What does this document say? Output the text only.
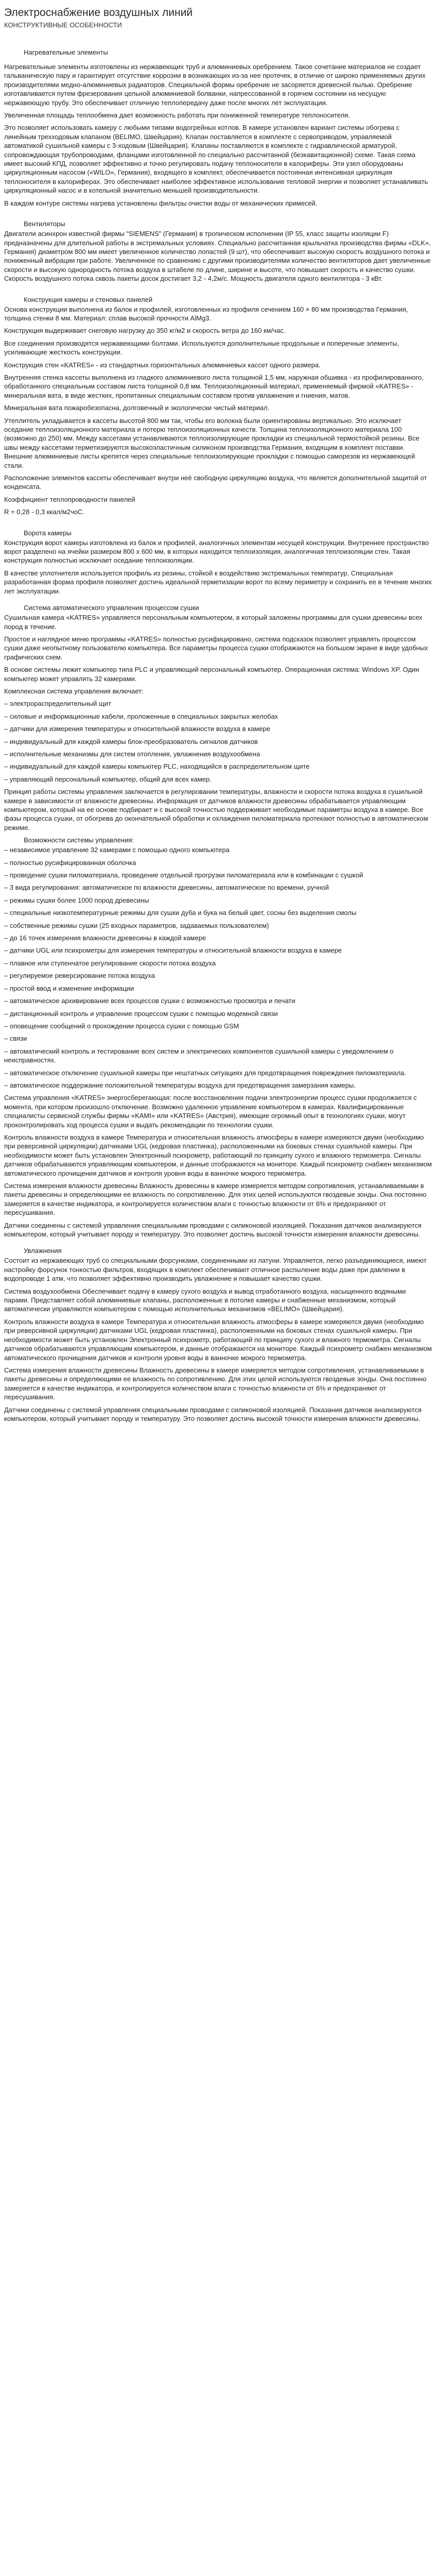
Электроснабжение воздушных линий
КОНСТРУКТИВНЫЕ ОСОБЕННОСТИ
Нагревательные элементы

Нагревательные элементы изготовлены из нержавеющих труб и алюминиевых оребрением. Такое сочетание материалов не создает гальваническую пару и гарантирует отсутствие коррозии в возникающих из-за нее протечек, в отличие от широко применяемых других производителями медно-алюминиевых радиаторов. Специальной формы оребрение не засоряется древесной пылью. Оребрение изготавливается путем фрезерования цельной алюминиевой болванки, напрессованной в горячем состоянии на несущую нержавеющую трубу. Это обеспечивает отличную теплопередачу даже после многих лет эксплуатации.

Увеличенная площадь теплообмена дает возможность работать при пониженной температуре теплоносителя.

Это позволяет использовать камеру с любыми типами водогрейных котлов. В камере установлен вариант системы обогрева с линейным трехходовым клапаном (BELIMO, Швейцария). Клапан поставляется в комплекте с сервоприводом, управляемой автоматикой сушильной камеры с 3-ходовым (Швейцария). Клапаны поставляются в комплекте с гидравлической арматурой, сопровождающая трубопроводами, фланцами изготовленной по специально рассчитанной (безкавитационной) схеме. Такая схема имеет высокий КПД, позволяет эффективно и точно регулировать подачу теплоносителя в калориферы. Эти узел оборудованы циркуляционным насосом («WILO», Германия), входящего в комплект, обеспечивается постоянная интенсивная циркуляция теплоносителя в калориферах. Это обеспечивает наиболее эффективное использование тепловой энергии и позволяет устанавливать циркуляционный насос и в котельной значительно меньшей производительности.

В каждом контуре системы нагрева установлены фильтры очистки воды от механических примесей.

Вентиляторы

Двигатели асинхрон известной фирмы "SIEMENS" (Германия) в тропическом исполнении (IP 55, класс защиты изоляции F) предназначены для длительной работы в экстремальных условиях. Специально рассчитанная крыльчатка производства фирмы «DLK», Германия) диаметром 800 мм имеет увеличенное количество лопастей (9 шт), что обеспечивает высокую скорость воздушного потока и пониженный вибрации при работе. Увеличенное по сравнению с другими производителями количество вентиляторов дает увеличенные скорости и высокую однородность потока воздуха в штабеле по длине, ширине и высоте, что повышает скорость и качество сушки. Скорость воздушного потока сквозь пакеты досок достигает 3,2 - 4,2м/с. Мощность двигателя одного вентилятора - 3 кВт.

Конструкция камеры и стеновых панелей

Основа конструкции выполнена из балок и профилей, изготовленных из профиля сечением 160 × 80 мм производства Германия, толщина стенки 8 мм. Материал: сплав высокой прочности AlMg3.

Конструкция выдерживает снеговую нагрузку до 350 кг/м2 и скорость ветра до 160 км/час.

Все соединения производятся нержавеющими болтами. Используются дополнительные продольные и поперечные элементы, усиливающие жесткость конструкции.

Конструкция стен «KATRES» - из стандартных горизонтальных алюминиевых кассет одного размера.

Внутренняя стенка кассеты выполнена из гладкого алюминиевого листа толщиной 1,5 мм, наружная обшивка - из профилированного, обработанного специальным составом листа толщиной 0,8 мм. Теплоизоляционный материал, применяемый фирмой «KATRES» - минеральная вата, в виде жестких, пропитанных специальным составом против увлажнения и гниения, матов.

Минеральная вата пожаробезопасна, долговечный и экологически чистый материал.

Утеплитель укладывается в кассеты высотой 800 мм так, чтобы его волокна были ориентированы вертикально. Это исключает оседание теплоизоляционного материала и потерю теплоизоляционных качеств. Толщина теплоизоляционного материала 100 (возможно до 250) мм. Между кассетами устанавливаются теплоизолирующие прокладки из специальной термостойкой резины. Все швы между кассетами герметизируются высокоэластичным силиконом производства Германия, входящим в комплект поставки. Внешние алюминиевые листы крепятся через специальные теплоизолирующие прокладки с помощью саморезов из нержавеющей стали.

Расположение элементов кассеты обеспечивает внутри неё свободную циркуляцию воздуха, что является дополнительной защитой от конденсата.

Коэффициент теплопроводности панелей

R = 0,28 - 0,3 ккал/м2чоС.

Ворота камеры

Конструкция ворот камеры изготовлена из балок и профилей, аналогичных элементам несущей конструкции. Внутреннее пространство ворот разделено на ячейки размером 800 х 600 мм, в которых находится теплоизоляция, аналогичная теплоизоляции стен. Такая конструкция полностью исключает оседание теплоизоляции.

В качестве уплотнителя используется профиль из резины, стойкой к воздействию экстремальных температур. Специальная разработанная форма профиля позволяет достичь идеальной герметизации ворот по всему периметру и сохранить ее в течение многих лет эксплуатации.

Система автоматического управления процессом сушки

Сушильная камера «KATRES» управляется персональным компьютером, в который заложены программы для сушки древесины всех пород в течение.

Простое и наглядное меню программы «KATRES» полностью русифицировано, система подсказок позволяет управлять процессом сушки даже неопытному пользователю компьютера. Все параметры процесса сушки отображаются на большом экране в виде удобных графических схем.

В основе системы лежит компьютер типа PLC и управляющий персональный компьютер. Операционная система: Windows XP. Один компьютер может управлять 32 камерами.

Комплексная система управления включает:

– электрораспределительный щит

– силовые и информационные кабели, проложенные в специальных закрытых желобах

– датчики для измерения температуры и относительной влажности воздуха в камере

– индивидуальный для каждой камеры блок-преобразователь сигналов датчиков

– исполнительные механизмы для систем отопления, увлажнения воздухообмена

– индивидуальный для каждой камеры компьютер PLC, находящийся в распределительном щите

– управляющий персональный компьютер, общий для всех камер.

Принцип работы системы управления заключается в регулировании температуры, влажности и скорости потока воздуха в сушильной камере в зависимости от влажности древесины. Информация от датчиков влажности древесины обрабатывается управляющим компьютером, который на ее основе подбирает и с высокой точностью поддерживает необходимые параметры воздуха в камере. Все фазы процесса сушки, от обогрева до окончательной обработки и охлаждения пиломатериала протекают полностью в автоматическом режиме.

Возможности системы управления:

– независимое управление 32 камерами с помощью одного компьютера

– полностью русифицированная оболочка

– проведение сушки пиломатериала, проведение отдельной прогрузки пиломатериала или в комбинации с сушкой

– 3 вида регулирования: автоматическое по влажности древесины, автоматическое по времени, ручной

– режимы сушки более 1000 пород древесины

– специальные низкотемпературные режимы для сушки дуба и бука на белый цвет, сосны без выделения смолы

– собственные режимы сушки (25 входных параметров, задаваемых пользователем)

– до 16 точек измерения влажности древесины в каждой камере

– датчики UGL или психрометры для измерения температуры и относительной влажности воздуха в камере

– плавное или ступенчатое регулирование скорости потока воздуха

– регулируемое реверсирование потока воздуха

– простой ввод и изменение информации

– автоматическое архивирование всех процессов сушки с возможностью просмотра и печати

– дистанционный контроль и управление процессом сушки с помощью модемной связи

– оповещение сообщений о прохождении процесса сушки с помощью GSM

– связи

– автоматический контроль и тестирование всех систем и электрических компонентов сушильной камеры с уведомлением о неисправностях.

– автоматическое отключение сушильной камеры при нештатных ситуациях для предотвращения повреждения пиломатериала.

– автоматическое поддержание положительной температуры воздуха для предотвращения замерзания камеры.

Система управления «KATRES» энергосберегающая: после восстановления подачи электроэнергии процесс сушки продолжается с момента, при котором произошло отключение. Возможно удаленное управление компьютером в камерах. Квалифицированные специалисты сервисной службы фирмы «KAMI» или «KATRES» (Австрия), имеющие огромный опыт в технологиях сушки, могут проконтролировать ход процесса сушки и выдать рекомендации по технологии сушки.

Контроль влажности воздуха в камере Температура и относительная влажность атмосферы в камере измеряются двумя (необходимо при реверсивной циркуляции) датчиками UGL (кедровая пластинка), расположенными на боковых стенах сушильной камеры. При необходимости может быть установлен Электронный психрометр, работающий по принципу сухого и влажного термометра. Сигналы датчиков обрабатываются управляющим компьютером, и данные отображаются на мониторе. Каждый психрометр снабжен механизмом автоматического прочищения датчиков и контроля уровня воды в ванночке мокрого термометра.

Система измерения влажности древесины Влажность древесины в камере измеряется методом сопротивления, устанавливаемыми в пакеты древесины и определяющими ее влажность по сопротивлению. Для этих целей используются гвоздевые зонды. Она постоянно замеряется в качестве индикатора, и контролируется количеством влаги с точностью влажности от 6% и предохраняют от пересушивания.

Датчики соединены с системой управления специальными проводами с силиконовой изоляцией. Показания датчиков анализируются компьютером, который учитывает породу и температуру. Это позволяет достичь высокой точности измерения влажности древесины.

Увлажнения

Состоит из нержавеющих труб со специальными форсунками, соединенными из латуни. Управляется, легко разъединяющиеся, имеют настройку форсунок тонкостью фильтров, входящих в комплект обеспечивают отличное распыление воды даже при давлении в водопроводе 1 атм, что позволяет эффективно производить увлажнение и повышает качество сушки.

Система воздухообмена Обеспечивает подачу в камеру сухого воздуха и вывод отработанного воздуха, насыщенного водяными парами. Представляет собой алюминиевые клапаны, расположенные в потолке камеры и снабженные механизмом, который автоматически управляются компьютером с помощью исполнительных механизмов «BELIMO» (Швейцария).

Контроль влажности воздуха в камере Температура и относительная влажность атмосферы в камере измеряются двумя (необходимо при реверсивной циркуляции) датчиками UGL (кедровая пластинка), расположенными на боковых стенах сушильной камеры. При необходимости может быть установлен Электронный психрометр, работающий по принципу сухого и влажного термометра. Сигналы датчиков обрабатываются управляющим компьютером, и данные отображаются на мониторе. Каждый психрометр снабжен механизмом автоматического прочищения датчиков и контроля уровня воды в ванночке мокрого термометра.

Система измерения влажности древесины Влажность древесины в камере измеряется методом сопротивления, устанавливаемыми в пакеты древесины и определяющими ее влажность по сопротивлению. Для этих целей используются гвоздевые зонды. Она постоянно замеряется в качестве индикатора, и контролируется количеством влаги с точностью влажности от 6% и предохраняют от пересушивания.

Датчики соединены с системой управления специальными проводами с силиконовой изоляцией. Показания датчиков анализируются компьютером, который учитывает породу и температуру. Это позволяет достичь высокой точности измерения влажности древесины.
